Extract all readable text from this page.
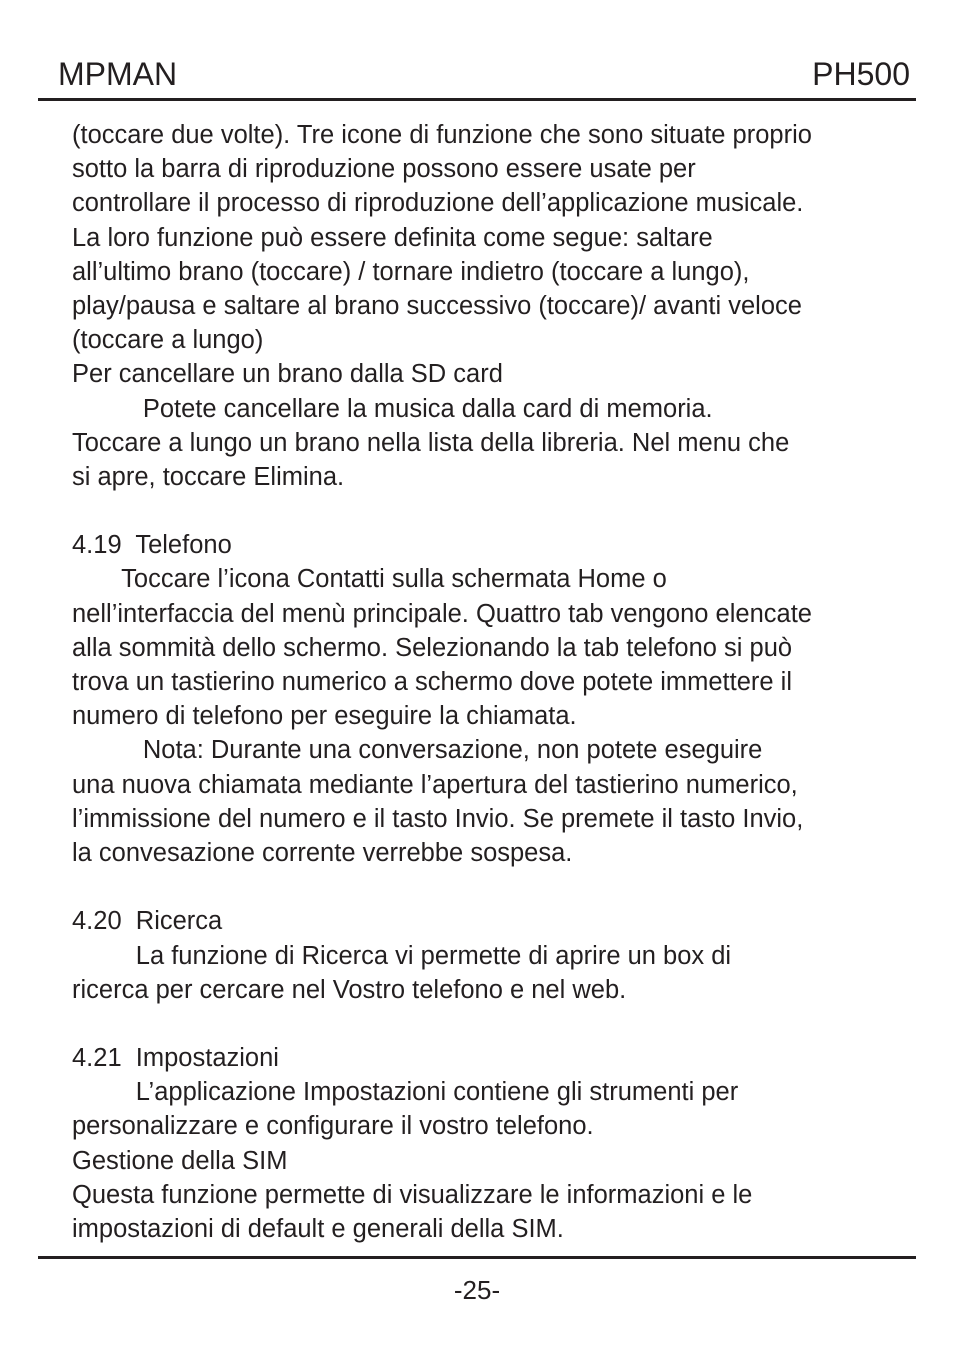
MPMAN	PH500
(toccare due volte). Tre icone di funzione che sono situate proprio
sotto la barra di riproduzione possono essere usate per
controllare il processo di riproduzione dell’applicazione musicale.
La loro funzione può essere definita come segue: saltare
all’ultimo brano (toccare) / tornare indietro (toccare a lungo),
play/pausa e saltare al brano successivo (toccare)/ avanti veloce
(toccare a lungo)
Per cancellare un brano dalla SD card
Potete cancellare la musica dalla card di memoria.
Toccare a lungo un brano nella lista della libreria. Nel menu che
si apre, toccare Elimina.
4.19  Telefono
Toccare l’icona Contatti sulla schermata Home o
nell’interfaccia del menù principale. Quattro tab vengono elencate
alla sommità dello schermo. Selezionando la tab telefono si può
trova un tastierino numerico a schermo dove potete immettere il
numero di telefono per eseguire la chiamata.
Nota: Durante una conversazione, non potete eseguire
una nuova chiamata mediante l’apertura del tastierino numerico,
l’immissione del numero e il tasto Invio. Se premete il tasto Invio,
la convesazione corrente verrebbe sospesa.
4.20  Ricerca
La funzione di Ricerca vi permette di aprire un box di
ricerca per cercare nel Vostro telefono e nel web.
4.21  Impostazioni
L’applicazione Impostazioni contiene gli strumenti per
personalizzare e configurare il vostro telefono.
Gestione della SIM
Questa funzione permette di visualizzare le informazioni e le
impostazioni di default e generali della SIM.
-25-
